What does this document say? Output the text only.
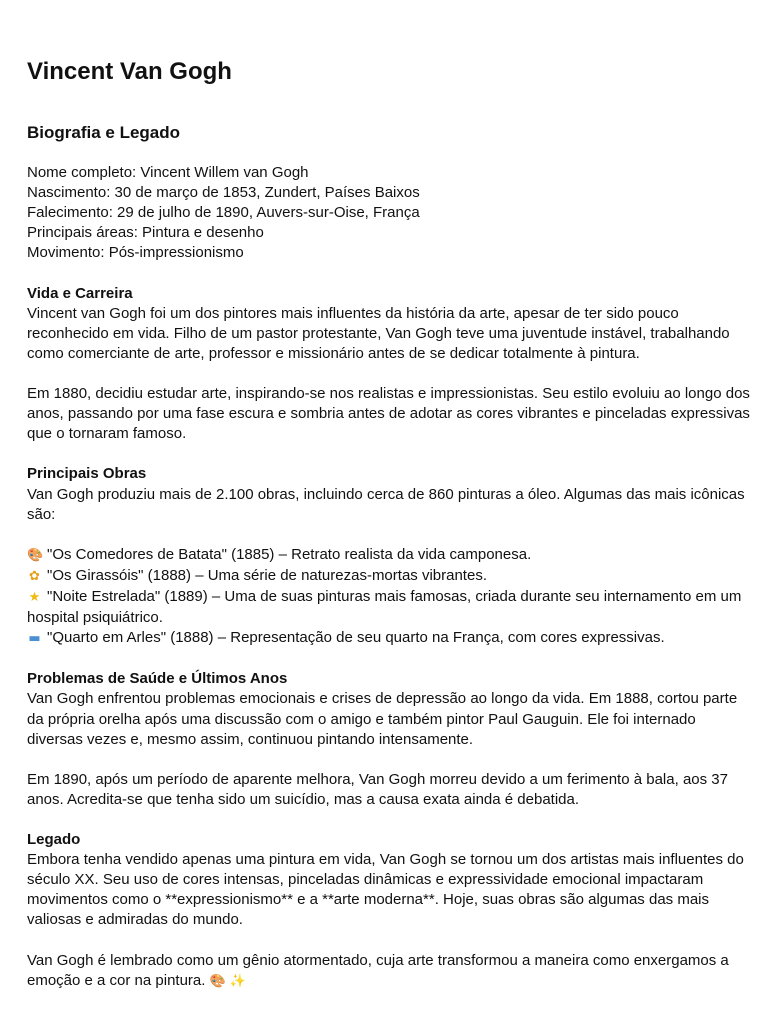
Vincent Van Gogh
Biografia e Legado
Nome completo: Vincent Willem van Gogh
Nascimento: 30 de março de 1853, Zundert, Países Baixos
Falecimento: 29 de julho de 1890, Auvers-sur-Oise, França
Principais áreas: Pintura e desenho
Movimento: Pós-impressionismo
Vida e Carreira
Vincent van Gogh foi um dos pintores mais influentes da história da arte, apesar de ter sido pouco reconhecido em vida. Filho de um pastor protestante, Van Gogh teve uma juventude instável, trabalhando como comerciante de arte, professor e missionário antes de se dedicar totalmente à pintura.
Em 1880, decidiu estudar arte, inspirando-se nos realistas e impressionistas. Seu estilo evoluiu ao longo dos anos, passando por uma fase escura e sombria antes de adotar as cores vibrantes e pinceladas expressivas que o tornaram famoso.
Principais Obras
Van Gogh produziu mais de 2.100 obras, incluindo cerca de 860 pinturas a óleo. Algumas das mais icônicas são:
🎨 "Os Comedores de Batata" (1885) – Retrato realista da vida camponesa.
✿ "Os Girassóis" (1888) – Uma série de naturezas-mortas vibrantes.
★ "Noite Estrelada" (1889) – Uma de suas pinturas mais famosas, criada durante seu internamento em um hospital psiquiátrico.
▬ "Quarto em Arles" (1888) – Representação de seu quarto na França, com cores expressivas.
Problemas de Saúde e Últimos Anos
Van Gogh enfrentou problemas emocionais e crises de depressão ao longo da vida. Em 1888, cortou parte da própria orelha após uma discussão com o amigo e também pintor Paul Gauguin. Ele foi internado diversas vezes e, mesmo assim, continuou pintando intensamente.
Em 1890, após um período de aparente melhora, Van Gogh morreu devido a um ferimento à bala, aos 37 anos. Acredita-se que tenha sido um suicídio, mas a causa exata ainda é debatida.
Legado
Embora tenha vendido apenas uma pintura em vida, Van Gogh se tornou um dos artistas mais influentes do século XX. Seu uso de cores intensas, pinceladas dinâmicas e expressividade emocional impactaram movimentos como o **expressionismo** e a **arte moderna**. Hoje, suas obras são algumas das mais valiosas e admiradas do mundo.
Van Gogh é lembrado como um gênio atormentado, cuja arte transformou a maneira como enxergamos a emoção e a cor na pintura. 🎨 ✨
